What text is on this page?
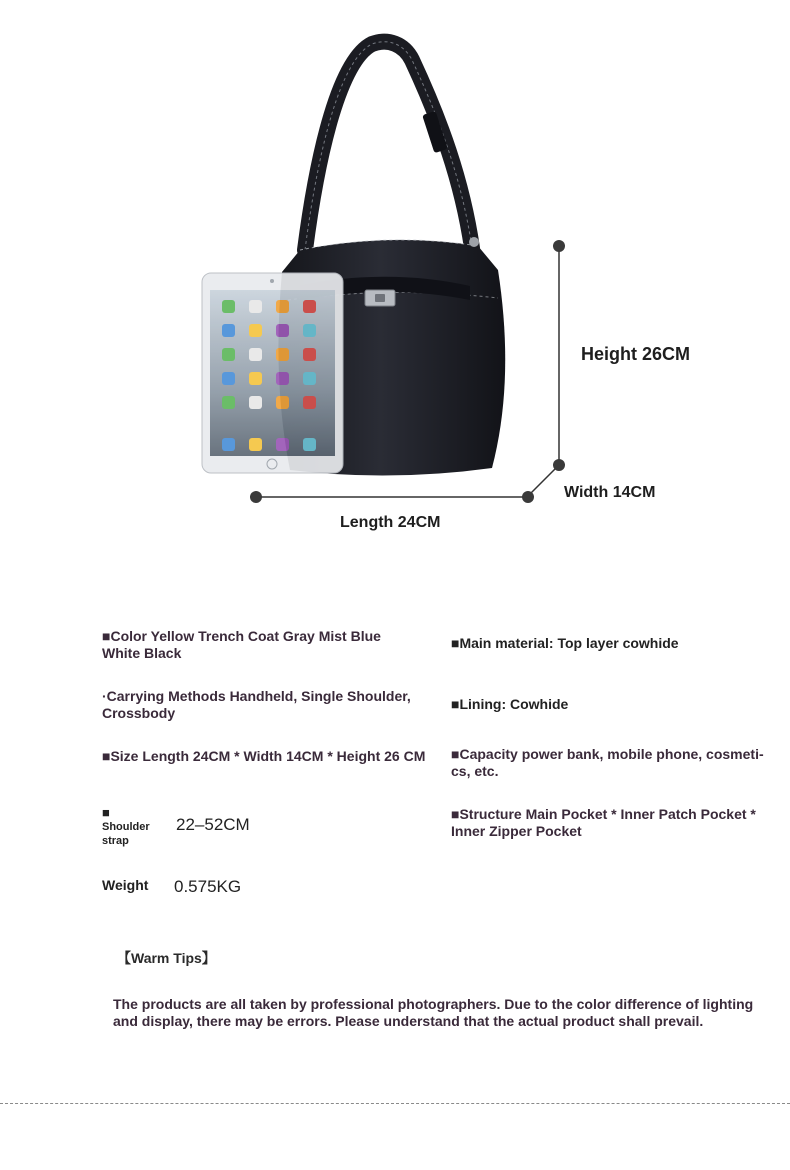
Height 26CM
Width 14CM
Length 24CM
■Color Yellow Trench Coat Gray Mist Blue White Black
·Carrying Methods Handheld, Single Shoulder, Crossbody
■Size Length 24CM * Width 14CM * Height 26 CM
■
Shoulder strap
22–52CM
Weight 0.575KG
■Main material: Top layer cowhide
■Lining: Cowhide
■Capacity power bank, mobile phone, cosmeti-cs, etc.
■Structure Main Pocket * Inner Patch Pocket * Inner Zipper Pocket
【Warm Tips】
The products are all taken by professional photographers. Due to the color difference of lighting and display, there may be errors. Please understand that the actual product shall prevail.
